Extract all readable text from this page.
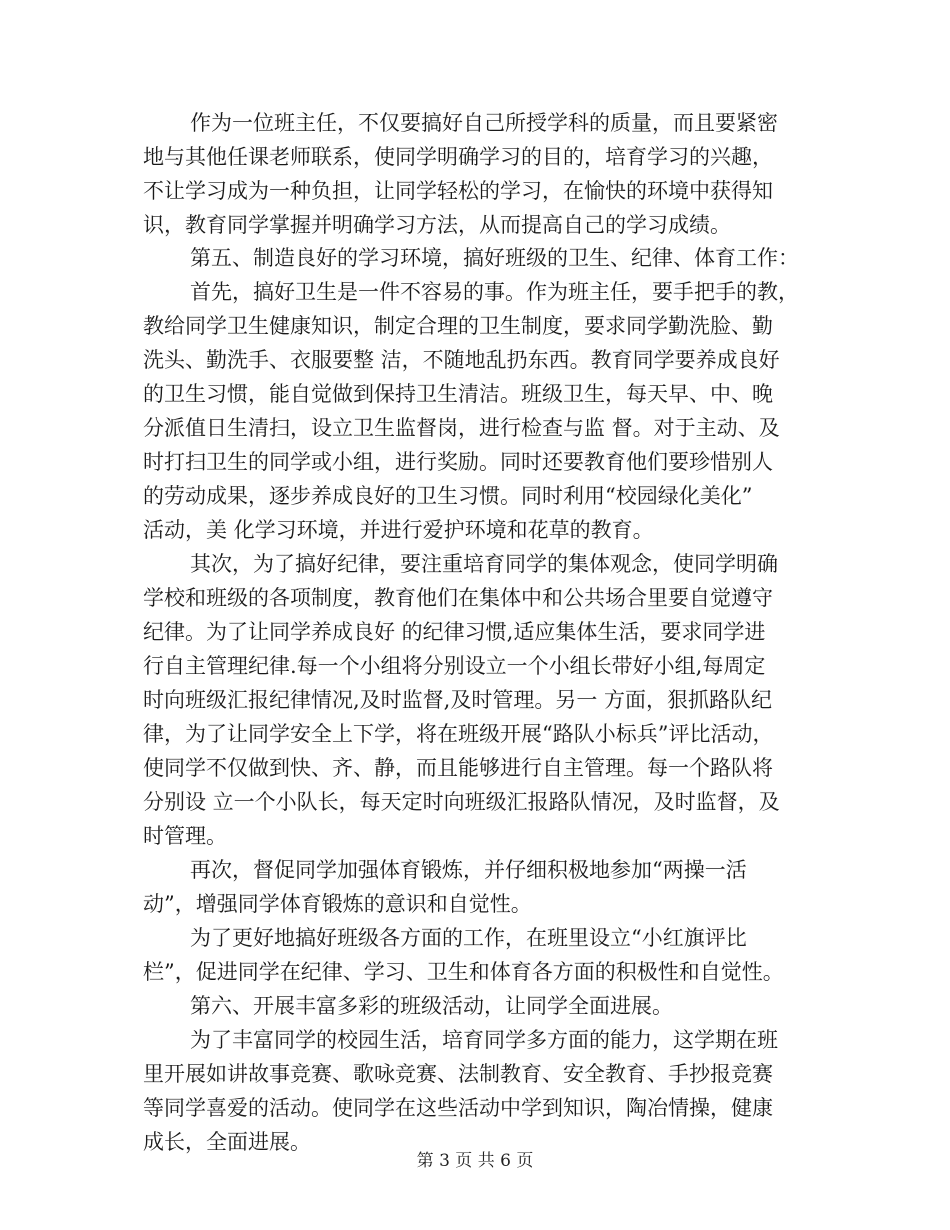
作为一位班主任，不仅要搞好自己所授学科的质量，而且要紧密
地与其他任课老师联系，使同学明确学习的目的，培育学习的兴趣，
不让学习成为一种负担，让同学轻松的学习，在愉快的环境中获得知
识，教育同学掌握并明确学习方法，从而提高自己的学习成绩。
第五、制造良好的学习环境，搞好班级的卫生、纪律、体育工作：
首先，搞好卫生是一件不容易的事。作为班主任，要手把手的教，
教给同学卫生健康知识，制定合理的卫生制度，要求同学勤洗脸、勤
洗头、勤洗手、衣服要整 洁，不随地乱扔东西。教育同学要养成良好
的卫生习惯，能自觉做到保持卫生清洁。班级卫生，每天早、中、晚
分派值日生清扫，设立卫生监督岗，进行检查与监 督。对于主动、及
时打扫卫生的同学或小组，进行奖励。同时还要教育他们要珍惜别人
的劳动成果，逐步养成良好的卫生习惯。同时利用“校园绿化美化”
活动，美 化学习环境，并进行爱护环境和花草的教育。
其次，为了搞好纪律，要注重培育同学的集体观念，使同学明确
学校和班级的各项制度，教育他们在集体中和公共场合里要自觉遵守
纪律。为了让同学养成良好 的纪律习惯,适应集体生活，要求同学进
行自主管理纪律.每一个小组将分别设立一个小组长带好小组,每周定
时向班级汇报纪律情况,及时监督,及时管理。另一 方面，狠抓路队纪
律，为了让同学安全上下学，将在班级开展“路队小标兵”评比活动，
使同学不仅做到快、齐、静，而且能够进行自主管理。每一个路队将
分别设 立一个小队长，每天定时向班级汇报路队情况，及时监督，及
时管理。
再次，督促同学加强体育锻炼，并仔细积极地参加“两操一活
动”，增强同学体育锻炼的意识和自觉性。
为了更好地搞好班级各方面的工作，在班里设立“小红旗评比
栏”，促进同学在纪律、学习、卫生和体育各方面的积极性和自觉性。
第六、开展丰富多彩的班级活动，让同学全面进展。
为了丰富同学的校园生活，培育同学多方面的能力，这学期在班
里开展如讲故事竞赛、歌咏竞赛、法制教育、安全教育、手抄报竞赛
等同学喜爱的活动。使同学在这些活动中学到知识，陶冶情操，健康
成长，全面进展。
第 3 页 共 6 页
